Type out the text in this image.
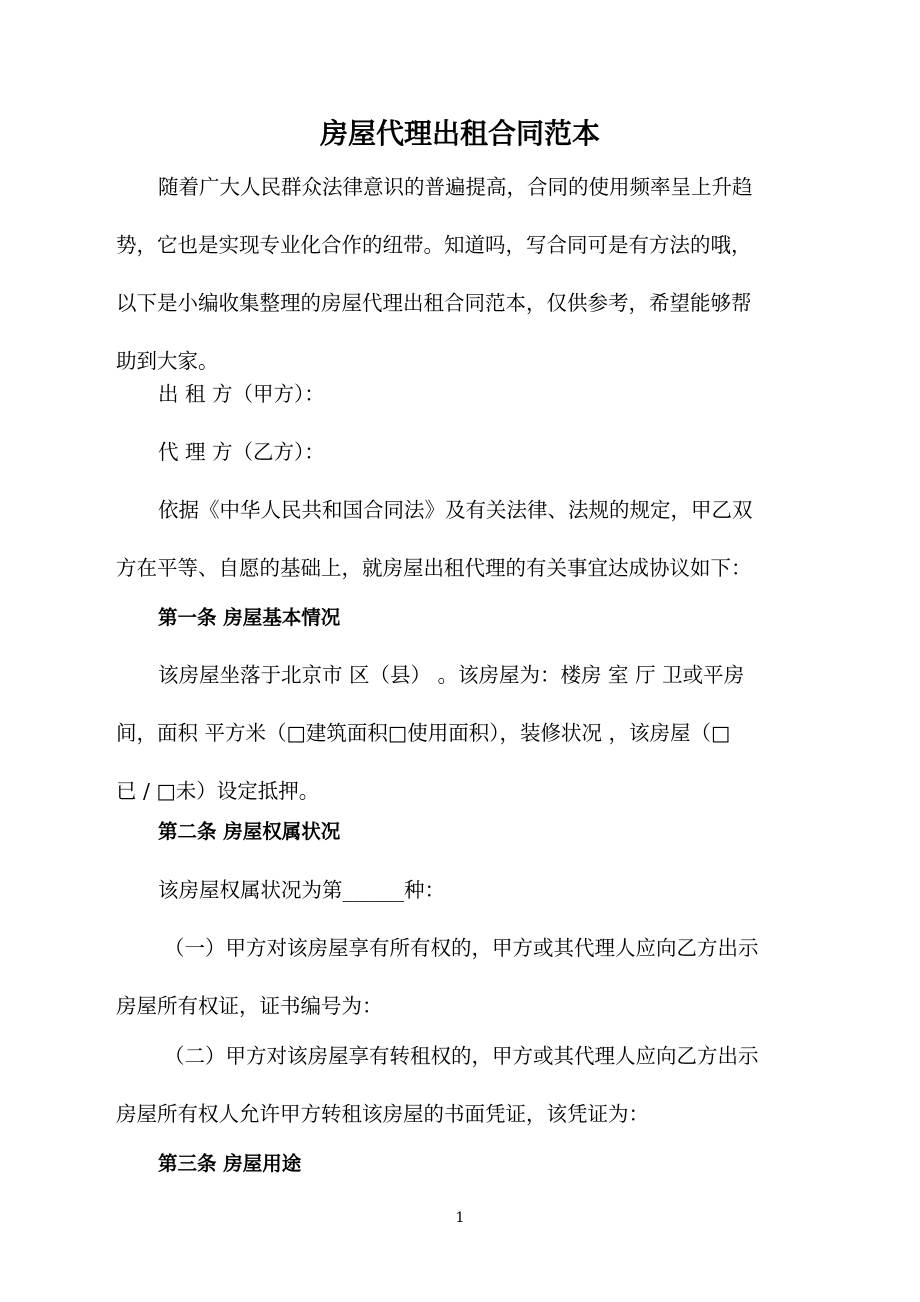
房屋代理出租合同范本

随着广大人民群众法律意识的普遍提高，合同的使用频率呈上升趋
势，它也是实现专业化合作的纽带。知道吗，写合同可是有方法的哦，
以下是小编收集整理的房屋代理出租合同范本，仅供参考，希望能够帮
助到大家。

出 租 方（甲方）：

代 理 方（乙方）：

依据《中华人民共和国合同法》及有关法律、法规的规定，甲乙双
方在平等、自愿的基础上，就房屋出租代理的有关事宜达成协议如下：

第一条 房屋基本情况

该房屋坐落于北京市 区（县） 。该房屋为：楼房 室 厅 卫或平房
间，面积 平方米（□建筑面积□使用面积），装修状况 ，该房屋（□
已 / □未）设定抵押。

第二条 房屋权属状况

该房屋权属状况为第______种：

（一）甲方对该房屋享有所有权的，甲方或其代理人应向乙方出示
房屋所有权证，证书编号为：

（二）甲方对该房屋享有转租权的，甲方或其代理人应向乙方出示
房屋所有权人允许甲方转租该房屋的书面凭证，该凭证为：

第三条 房屋用途

1
